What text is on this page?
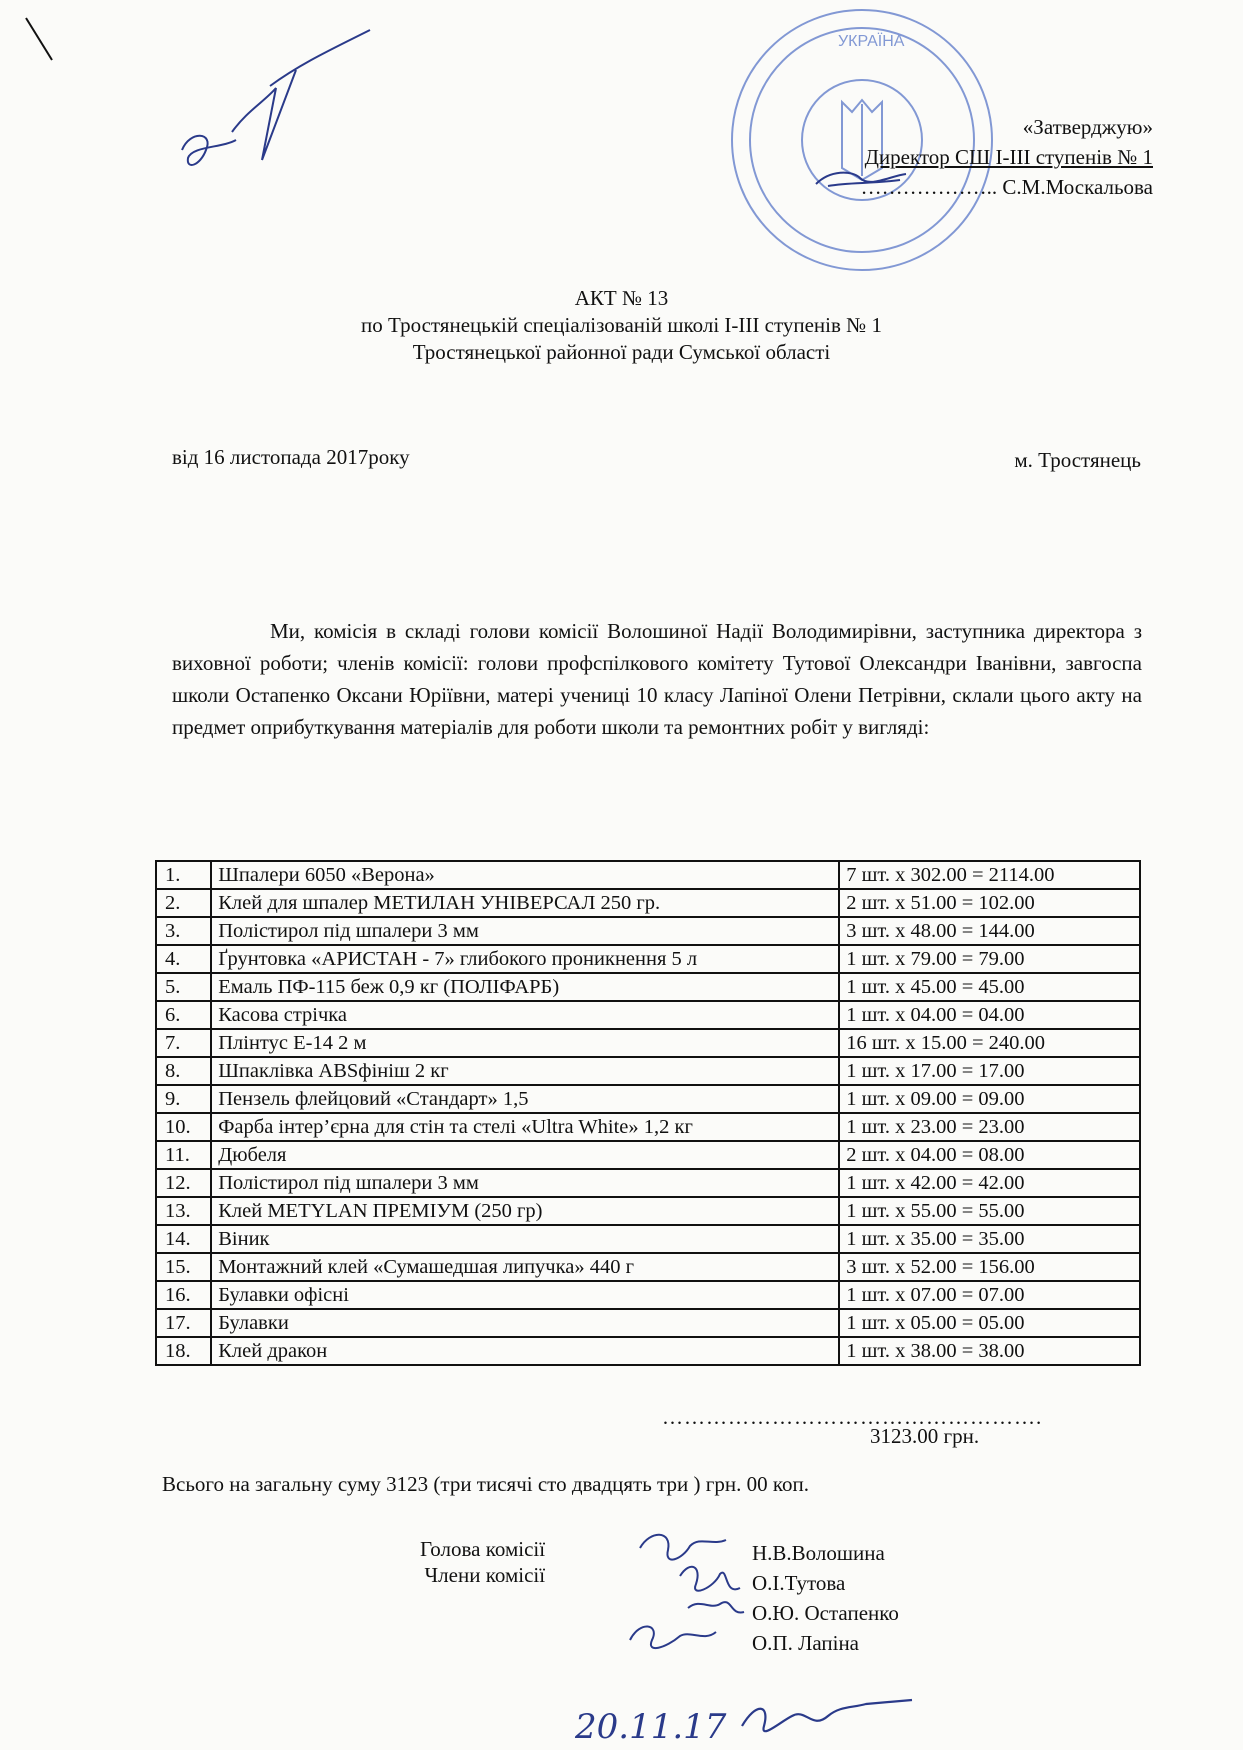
УКРАЇНА
20.11.17
«Затверджую»
Директор СШ І-ІІІ ступенів № 1
……………….. С.М.Москальова
АКТ № 13
по Тростянецькій спеціалізованій школі І-ІІІ ступенів № 1
Тростянецької районної ради Сумської області
від 16 листопада 2017року	м. Тростянець
Ми, комісія в складі голови комісії Волошиної Надії Володимирівни, заступника директора з виховної роботи; членів комісії: голови профспілкового комітету Тутової Олександри Іванівни, завгоспа школи Остапенко Оксани Юріївни, матері учениці 10 класу Лапіної Олени Петрівни, склали цього акту на предмет оприбуткування матеріалів для роботи школи та ремонтних робіт у вигляді:
1.	Шпалери 6050 «Верона»	7 шт. х 302.00 = 2114.00
2.	Клей для шпалер МЕТИЛАН УНІВЕРСАЛ 250 гр.	2 шт. х 51.00 = 102.00
3.	Полістирол під шпалери 3 мм	3 шт. х 48.00 = 144.00
4.	Ґрунтовка «АРИСТАН - 7» глибокого проникнення 5 л	1 шт. х 79.00 = 79.00
5.	Емаль ПФ-115 беж 0,9 кг (ПОЛІФАРБ)	1 шт. х 45.00 = 45.00
6.	Касова стрічка	1 шт. х 04.00 = 04.00
7.	Плінтус Е-14 2 м	16 шт. х 15.00 = 240.00
8.	Шпаклівка ABSфініш 2 кг	1 шт. х 17.00 = 17.00
9.	Пензель флейцовий «Стандарт» 1,5	1 шт. х 09.00 = 09.00
10.	Фарба інтер’єрна для стін та стелі «Ultra White» 1,2 кг	1 шт. х 23.00 = 23.00
11.	Дюбеля	2 шт. х 04.00 = 08.00
12.	Полістирол під шпалери 3 мм	1 шт. х 42.00 = 42.00
13.	Клей METYLAN ПРЕМІУМ (250 гр)	1 шт. х 55.00 = 55.00
14.	Віник	1 шт. х 35.00 = 35.00
15.	Монтажний клей «Сумашедшая липучка» 440 г	3 шт. х 52.00 = 156.00
16.	Булавки офісні	1 шт. х 07.00 = 07.00
17.	Булавки	1 шт. х 05.00 = 05.00
18.	Клей дракон	1 шт. х 38.00 = 38.00
…………………………………………….
3123.00 грн.
Всього на загальну суму 3123 (три тисячі сто двадцять три ) грн. 00 коп.
Голова комісії
Члени комісії
Н.В.Волошина
О.І.Тутова
О.Ю. Остапенко
О.П. Лапіна
